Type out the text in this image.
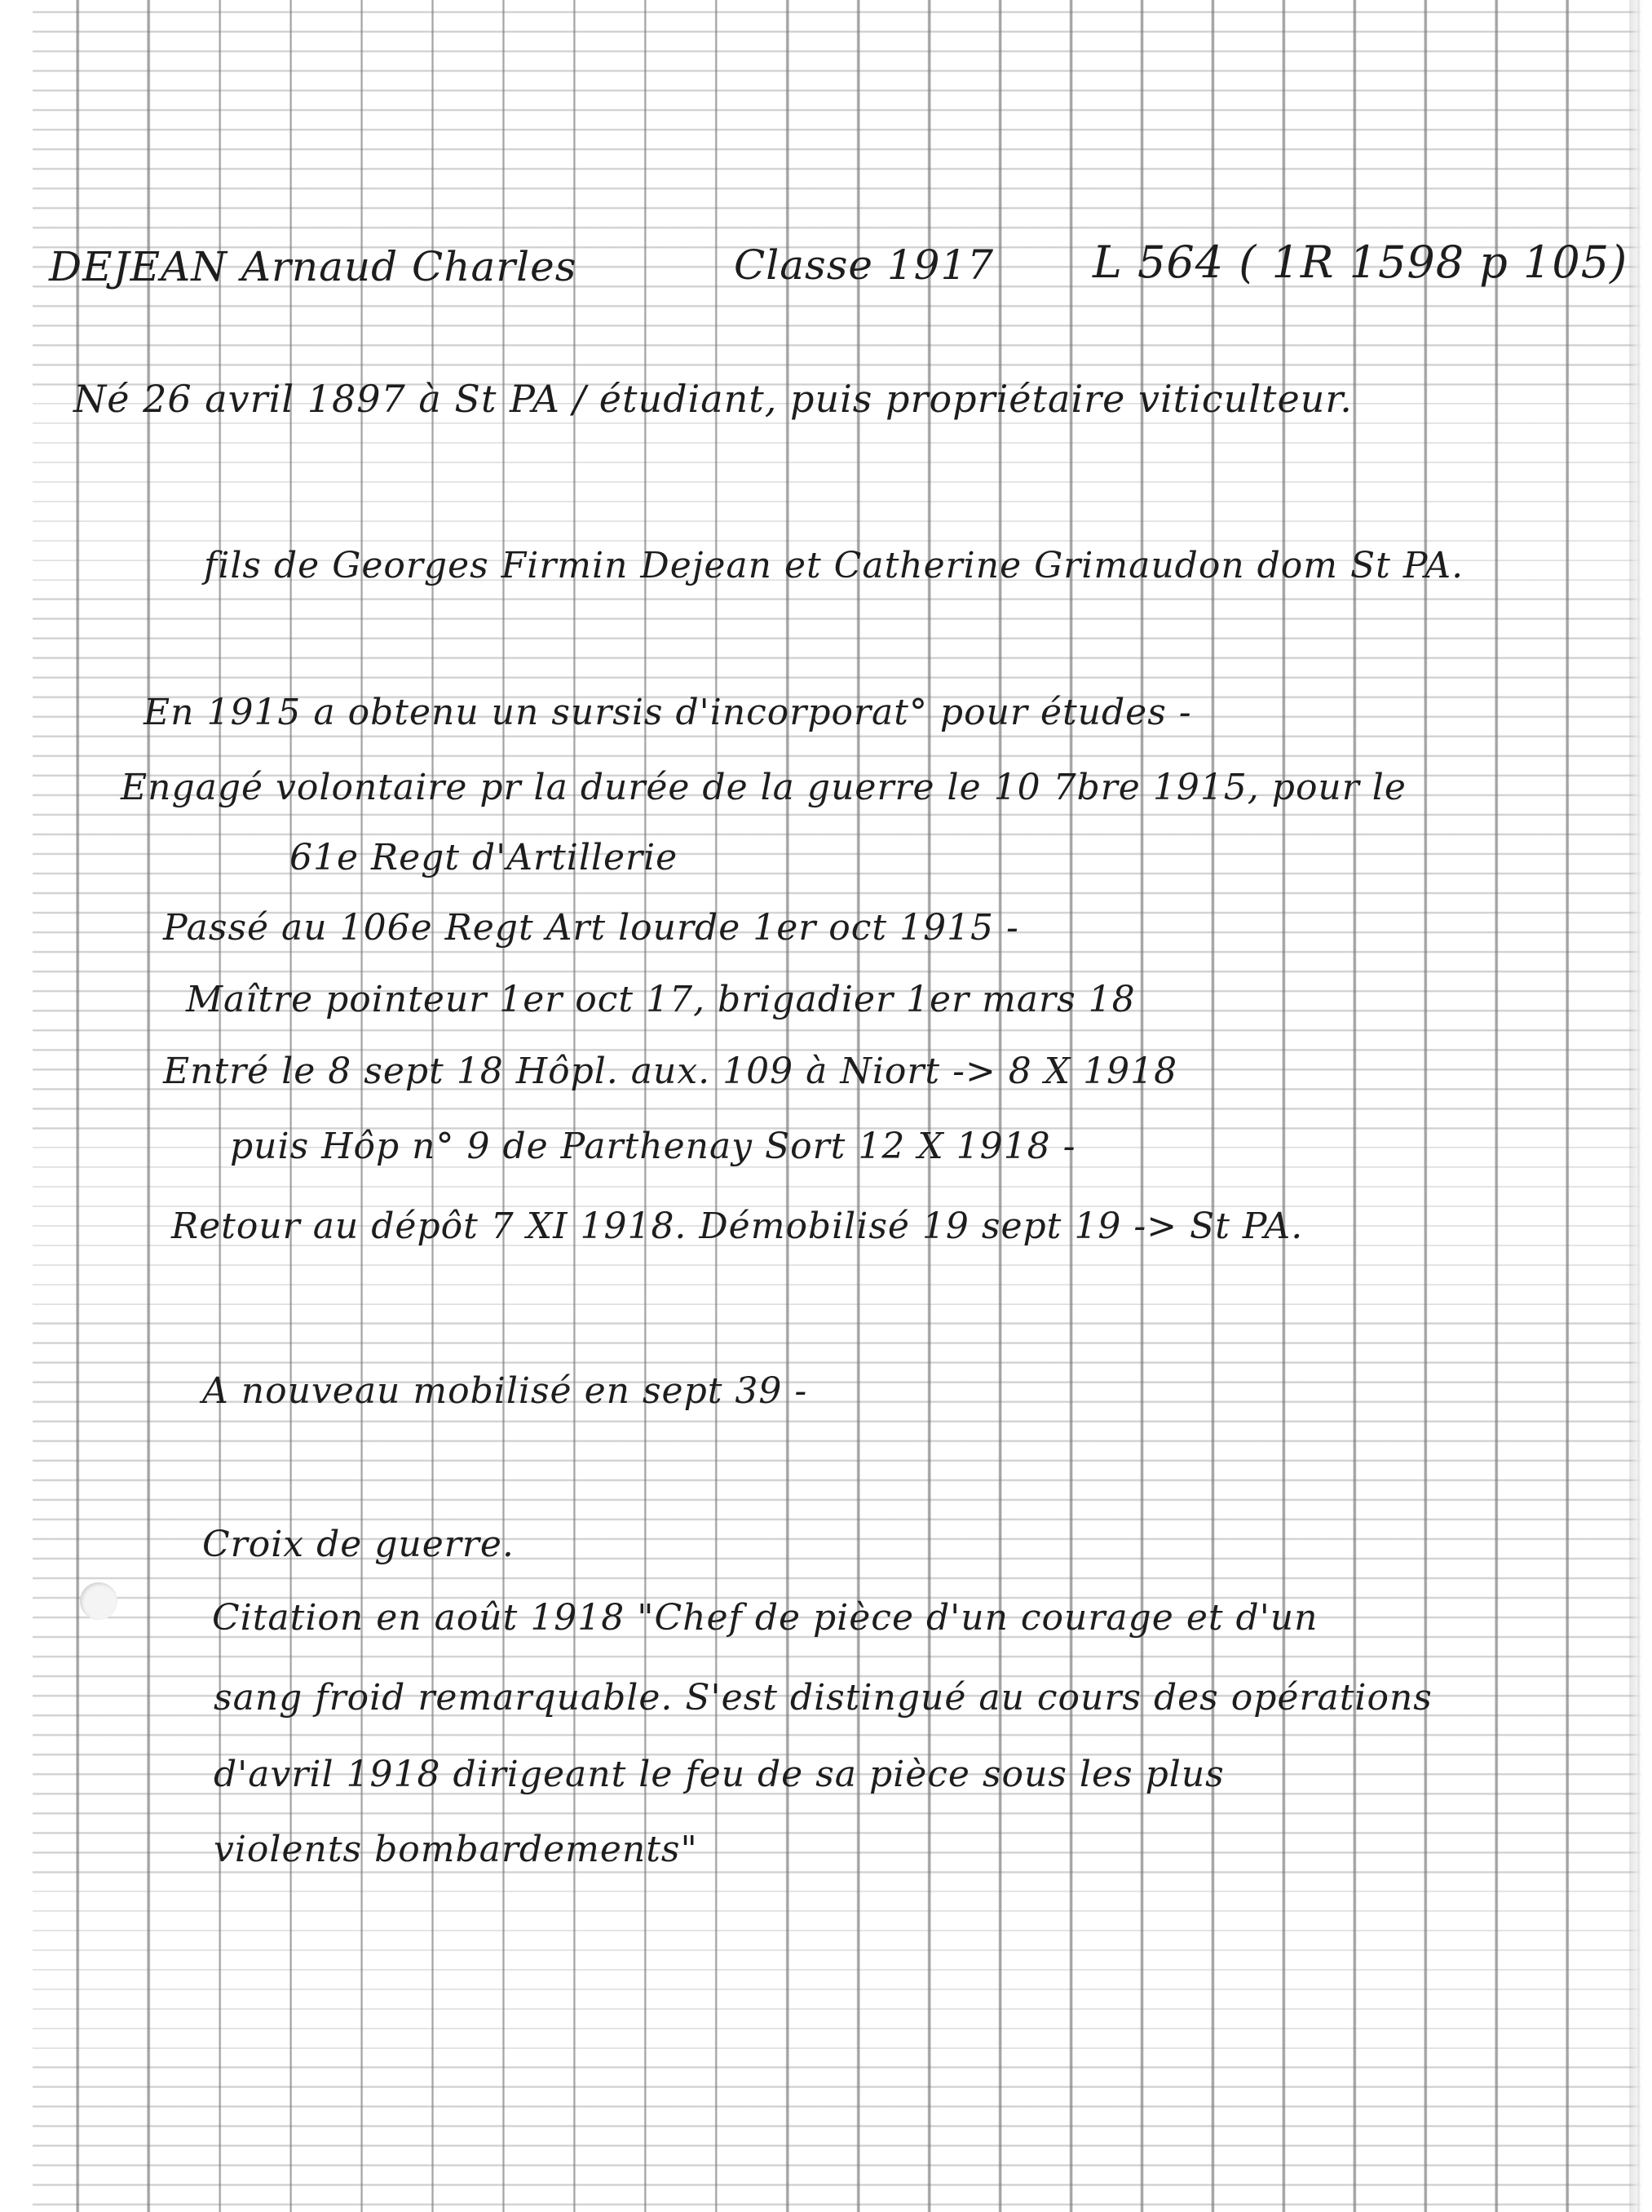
DEJEAN Arnaud Charles	Classe 1917 L 564 ( 1R 1598 p 105)
Né 26 avril 1897 à St PA / étudiant, puis propriétaire viticulteur.
fils de Georges Firmin Dejean et Catherine Grimaudon dom St PA.
En 1915 a obtenu un sursis d'incorporat° pour études -
Engagé volontaire pr la durée de la guerre le 10 7bre 1915, pour le
61e Regt d'Artillerie
Passé au 106e Regt Art lourde 1er oct 1915 -
Maître pointeur 1er oct 17, brigadier 1er mars 18
Entré le 8 sept 18 Hôpl. aux. 109 à Niort -> 8 X 1918
puis Hôp n° 9 de Parthenay Sort 12 X 1918 -
Retour au dépôt 7 XI 1918. Démobilisé 19 sept 19 -> St PA.
A nouveau mobilisé en sept 39 -
Croix de guerre.
Citation en août 1918 "Chef de pièce d'un courage et d'un
sang froid remarquable. S'est distingué au cours des opérations
d'avril 1918 dirigeant le feu de sa pièce sous les plus
violents bombardements"
